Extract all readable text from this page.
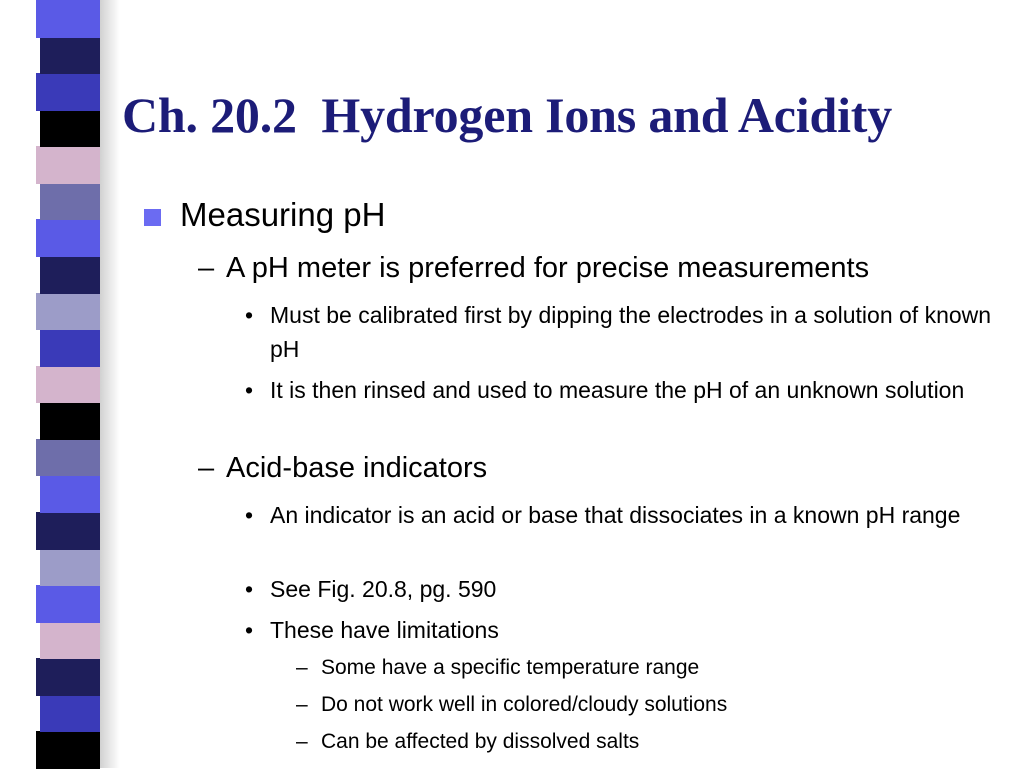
Ch. 20.2  Hydrogen Ions and Acidity
Measuring pH
– A pH meter is preferred for precise measurements
• Must be calibrated first by dipping the electrodes in a solution of known pH
• It is then rinsed and used to measure the pH of an unknown solution
– Acid-base indicators
• An indicator is an acid or base that dissociates in a known pH range
• See Fig. 20.8, pg. 590
• These have limitations
– Some have a specific temperature range
– Do not work well in colored/cloudy solutions
– Can be affected by dissolved salts
